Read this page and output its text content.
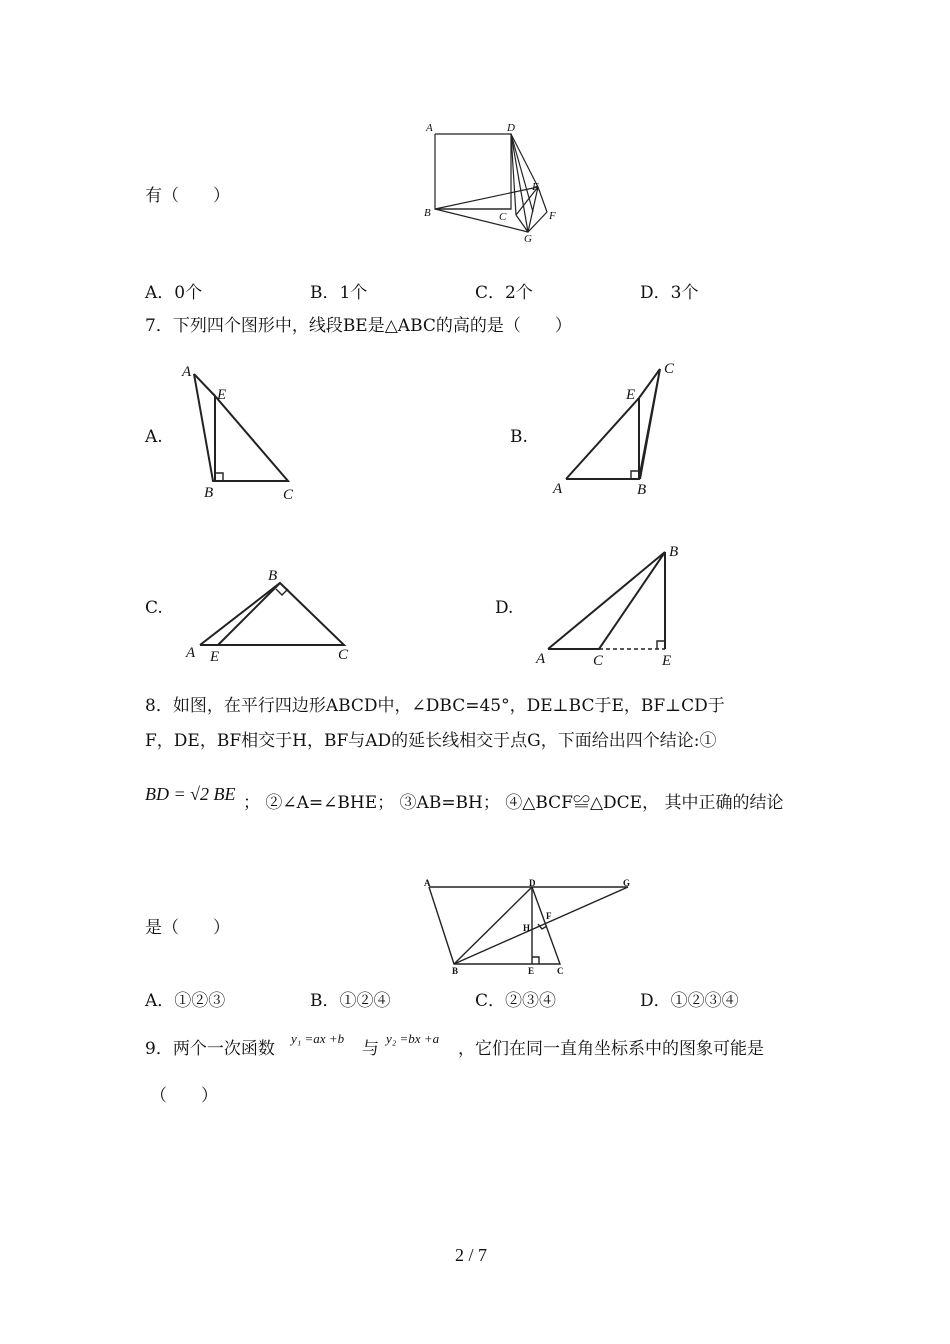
有（　　）
A	D
B	C
E
F
G
A．0个	B．1个	C．2个	D．3个
7．下列四个图形中，线段BE是△ABC的高的是（　　）
A.
A
E
B	C
B.
C
E
A	B
C.
B
A E	C
D.
B
A	C	E
8．如图，在平行四边形ABCD中，∠DBC=45°，DE⊥BC于E，BF⊥CD于
F，DE，BF相交于H，BF与AD的延长线相交于点G，下面给出四个结论:①
BD = √2 BE ； ②∠A=∠BHE； ③AB=BH； ④△BCF≌△DCE， 其中正确的结论
是（　　）
A	D	G
F
H
B	E	C
A．①②③	B．①②④	C．②③④	D．①②③④
9．两个一次函数
y₁ =ax +b
与
y₂ =bx +a
，它们在同一直角坐标系中的图象可能是
（　　）
2 / 7
